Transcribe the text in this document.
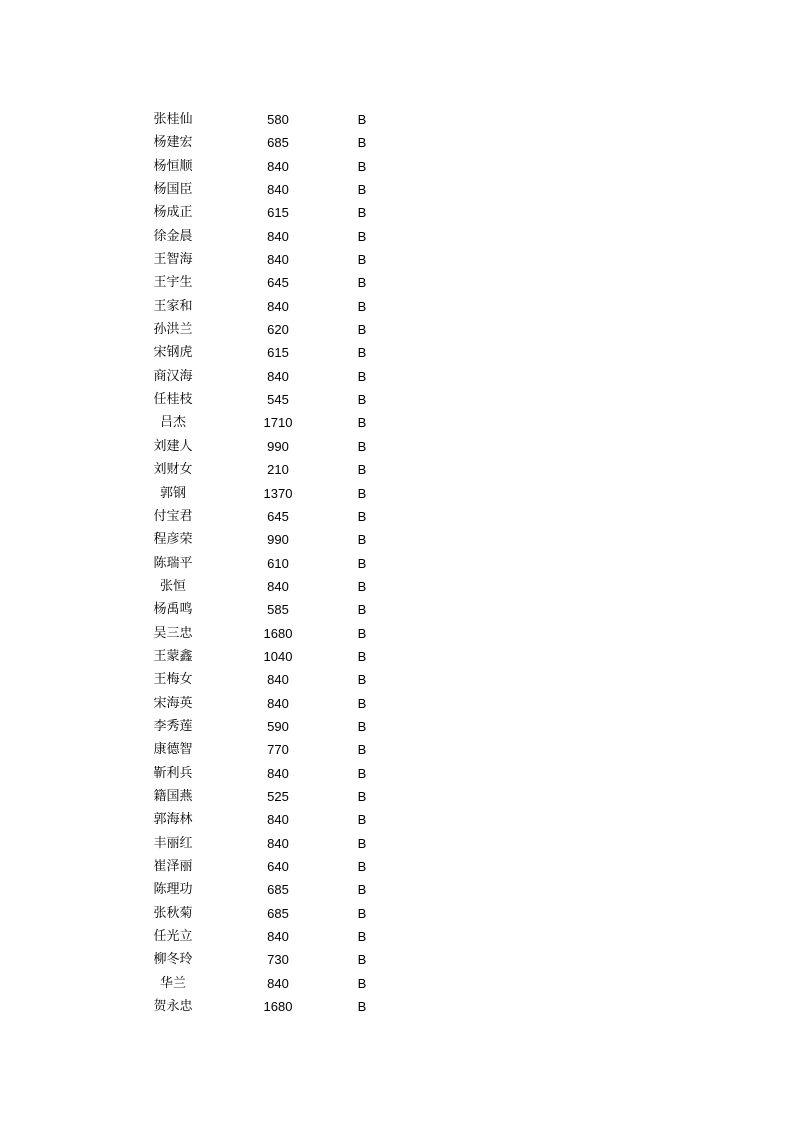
张桂仙	580	B
杨建宏	685	B
杨恒顺	840	B
杨国臣	840	B
杨成正	615	B
徐金晨	840	B
王智海	840	B
王宇生	645	B
王家和	840	B
孙洪兰	620	B
宋钢虎	615	B
商汉海	840	B
任桂枝	545	B
吕杰	1710	B
刘建人	990	B
刘财女	210	B
郭钢	1370	B
付宝君	645	B
程彦荣	990	B
陈瑞平	610	B
张恒	840	B
杨禹鸣	585	B
吴三忠	1680	B
王蒙鑫	1040	B
王梅女	840	B
宋海英	840	B
李秀莲	590	B
康德智	770	B
靳利兵	840	B
籍国燕	525	B
郭海林	840	B
丰丽红	840	B
崔泽丽	640	B
陈理功	685	B
张秋菊	685	B
任光立	840	B
柳冬玲	730	B
华兰	840	B
贺永忠	1680	B
